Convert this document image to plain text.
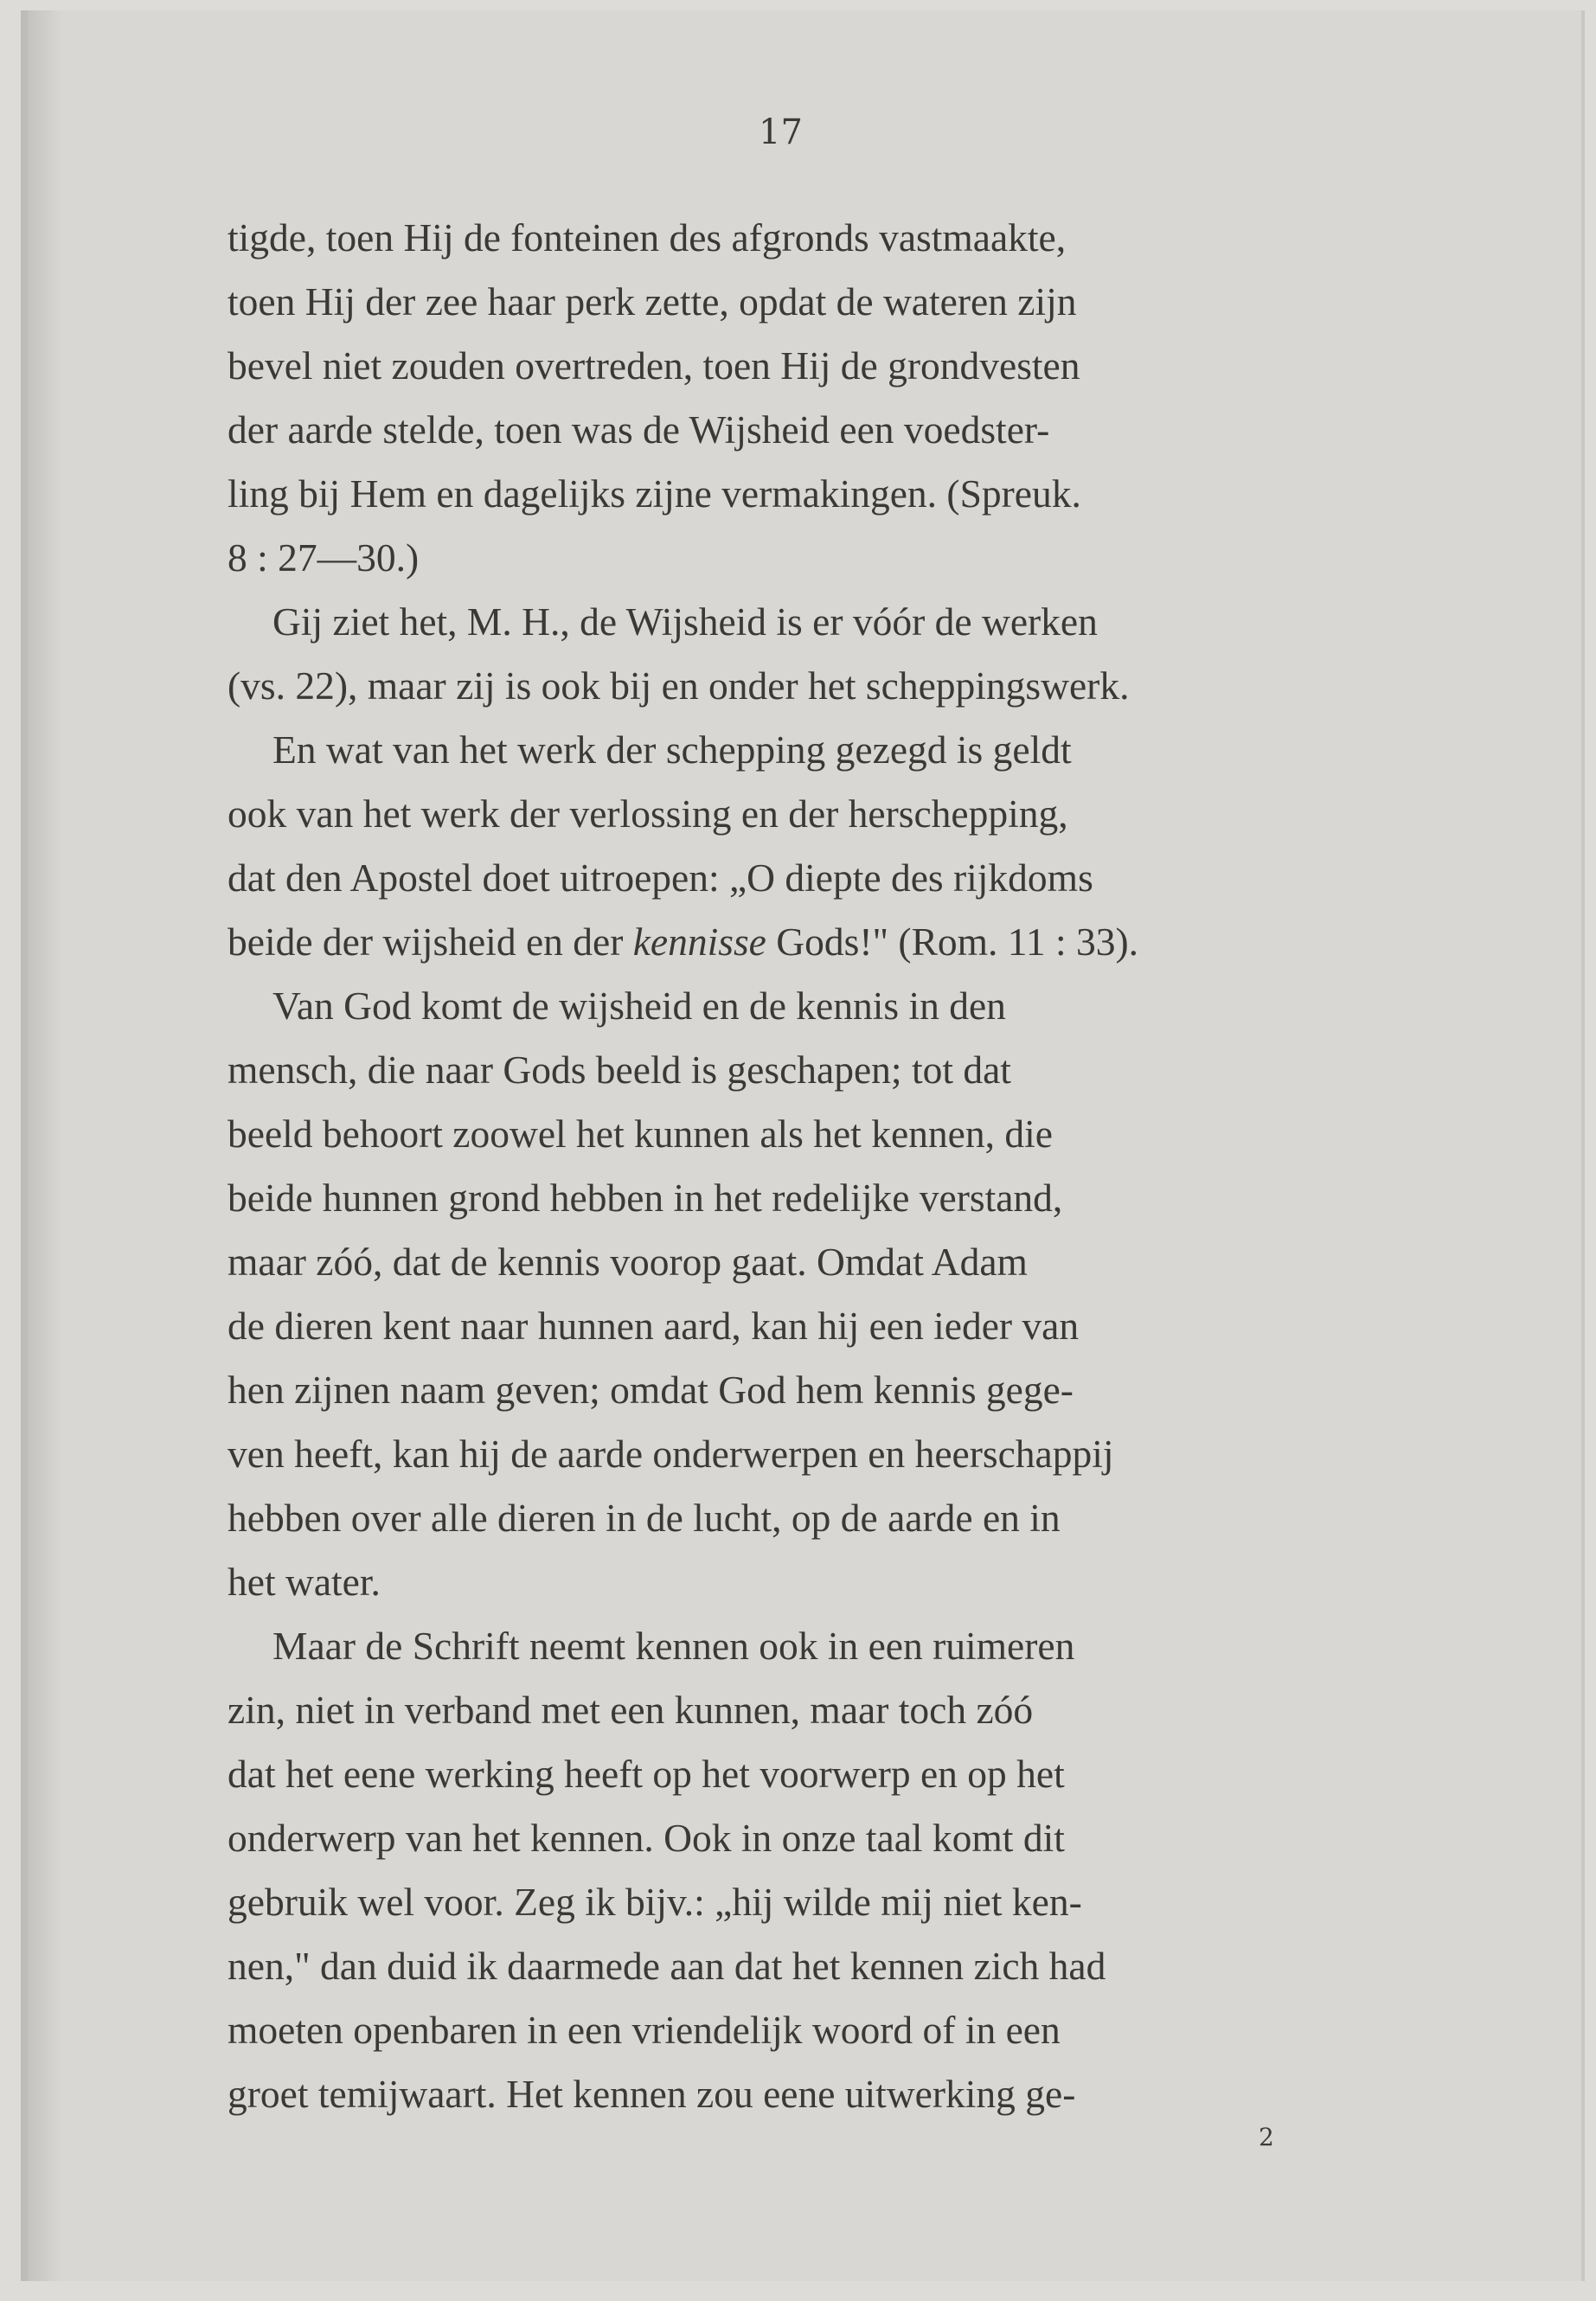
17

tigde, toen Hij de fonteinen des afgronds vastmaakte,
toen Hij der zee haar perk zette, opdat de wateren zijn
bevel niet zouden overtreden, toen Hij de grondvesten
der aarde stelde, toen was de Wijsheid een voedster-
ling bij Hem en dagelijks zijne vermakingen. (Spreuk.
8 : 27—30.)

Gij ziet het, M. H., de Wijsheid is er vóór de werken
(vs. 22), maar zij is ook bij en onder het scheppingswerk.
En wat van het werk der schepping gezegd is geldt
ook van het werk der verlossing en der herschepping,
dat den Apostel doet uitroepen: „O diepte des rijkdoms
beide der wijsheid en der kennisse Gods!" (Rom. 11 : 33).

Van God komt de wijsheid en de kennis in den
mensch, die naar Gods beeld is geschapen; tot dat
beeld behoort zoowel het kunnen als het kennen, die
beide hunnen grond hebben in het redelijke verstand,
maar zóó, dat de kennis voorop gaat. Omdat Adam
de dieren kent naar hunnen aard, kan hij een ieder van
hen zijnen naam geven; omdat God hem kennis gege-
ven heeft, kan hij de aarde onderwerpen en heerschappij
hebben over alle dieren in de lucht, op de aarde en in
het water.

Maar de Schrift neemt kennen ook in een ruimeren
zin, niet in verband met een kunnen, maar toch zóó
dat het eene werking heeft op het voorwerp en op het
onderwerp van het kennen. Ook in onze taal komt dit
gebruik wel voor. Zeg ik bijv.: „hij wilde mij niet ken-
nen," dan duid ik daarmede aan dat het kennen zich had
moeten openbaren in een vriendelijk woord of in een
groet temijwaart. Het kennen zou eene uitwerking ge-

2
